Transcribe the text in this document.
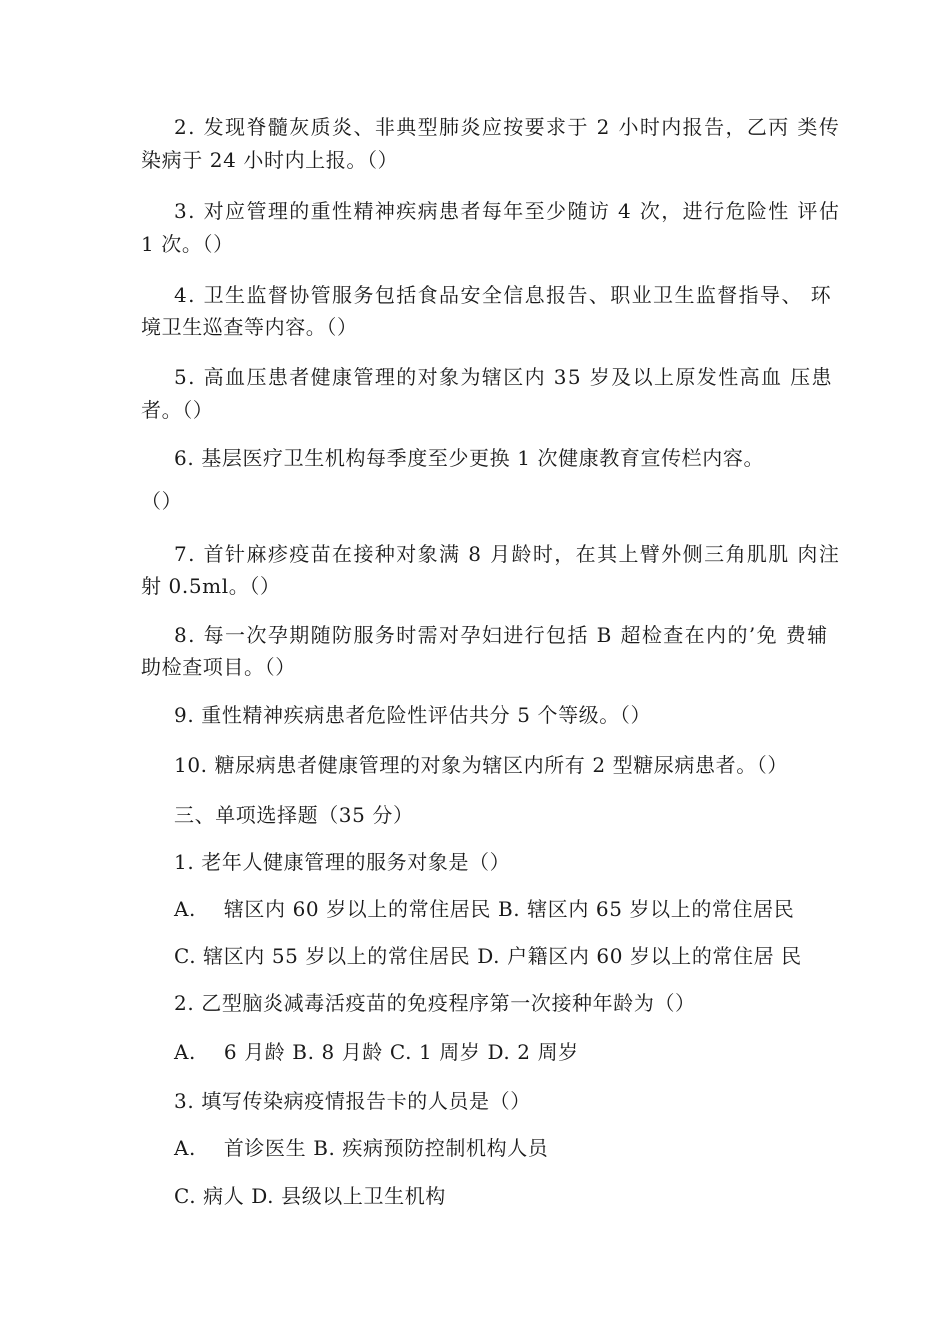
2. 发现脊髓灰质炎、非典型肺炎应按要求于 2 小时内报告，乙丙 类传
染病于 24 小时内上报。（）
3. 对应管理的重性精神疾病患者每年至少随访 4 次，进行危险性 评估
1 次。（）
4. 卫生监督协管服务包括食品安全信息报告、职业卫生监督指导、 环
境卫生巡查等内容。（）
5. 高血压患者健康管理的对象为辖区内 35 岁及以上原发性高血 压患
者。（）
6. 基层医疗卫生机构每季度至少更换 1 次健康教育宣传栏内容。
（）
7. 首针麻疹疫苗在接种对象满 8 月龄时，在其上臂外侧三角肌肌 肉注
射 0.5ml。（）
8. 每一次孕期随防服务时需对孕妇进行包括 B 超检查在内的’免 费辅
助检查项目。（）
9. 重性精神疾病患者危险性评估共分 5 个等级。（）
10. 糖尿病患者健康管理的对象为辖区内所有 2 型糖尿病患者。（）
三、单项选择题（35 分）
1. 老年人健康管理的服务对象是（）
A.    辖区内 60 岁以上的常住居民 B. 辖区内 65 岁以上的常住居民
C. 辖区内 55 岁以上的常住居民 D. 户籍区内 60 岁以上的常住居 民
2. 乙型脑炎减毒活疫苗的免疫程序第一次接种年龄为（）
A.    6 月龄 B. 8 月龄 C. 1 周岁 D. 2 周岁
3. 填写传染病疫情报告卡的人员是（）
A.    首诊医生 B. 疾病预防控制机构人员
C. 病人 D. 县级以上卫生机构
